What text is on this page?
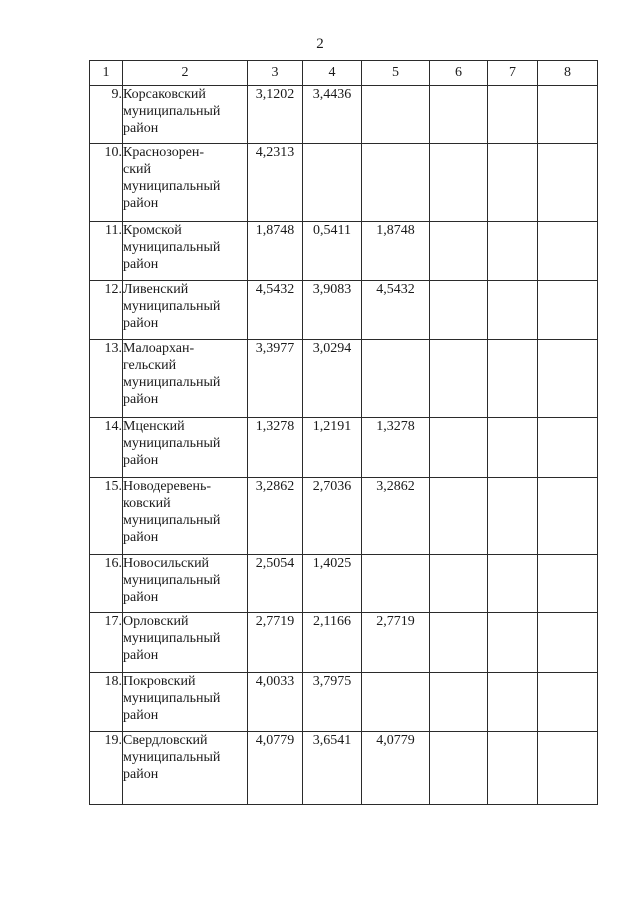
2
1	2	3	4	5	6	7	8
9.	Корсаковский
муниципальный
район	3,1202	3,4436				
10.	Краснозорен-
ский
муниципальный
район	4,2313					
11.	Кромской
муниципальный
район	1,8748	0,5411	1,8748			
12.	Ливенский
муниципальный
район	4,5432	3,9083	4,5432			
13.	Малоархан-
гельский
муниципальный
район	3,3977	3,0294				
14.	Мценский
муниципальный
район	1,3278	1,2191	1,3278			
15.	Новодеревень-
ковский
муниципальный
район	3,2862	2,7036	3,2862			
16.	Новосильский
муниципальный
район	2,5054	1,4025				
17.	Орловский
муниципальный
район	2,7719	2,1166	2,7719			
18.	Покровский
муниципальный
район	4,0033	3,7975				
19.	Свердловский
муниципальный
район	4,0779	3,6541	4,0779			
